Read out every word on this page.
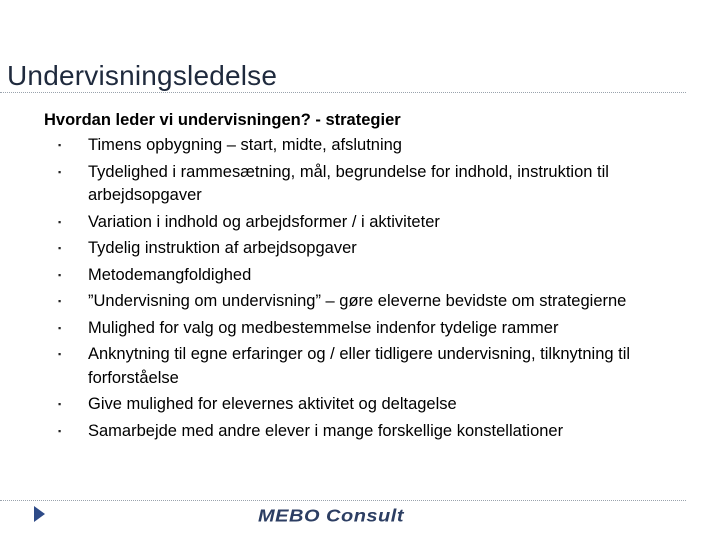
Undervisningsledelse
Hvordan leder vi undervisningen? - strategier
▪	Timens opbygning – start, midte, afslutning
▪	Tydelighed i rammesætning, mål, begrundelse for indhold, instruktion til arbejdsopgaver
▪	Variation i indhold og arbejdsformer / i aktiviteter
▪	Tydelig instruktion af arbejdsopgaver
▪	Metodemangfoldighed
▪	”Undervisning om undervisning” – gøre eleverne bevidste om strategierne
▪	Mulighed for valg og medbestemmelse indenfor tydelige rammer
▪	Anknytning til egne erfaringer og / eller tidligere undervisning, tilknytning til forforståelse
▪	Give mulighed for elevernes aktivitet og deltagelse
▪	Samarbejde med andre elever i mange forskellige konstellationer
MEBO Consult
